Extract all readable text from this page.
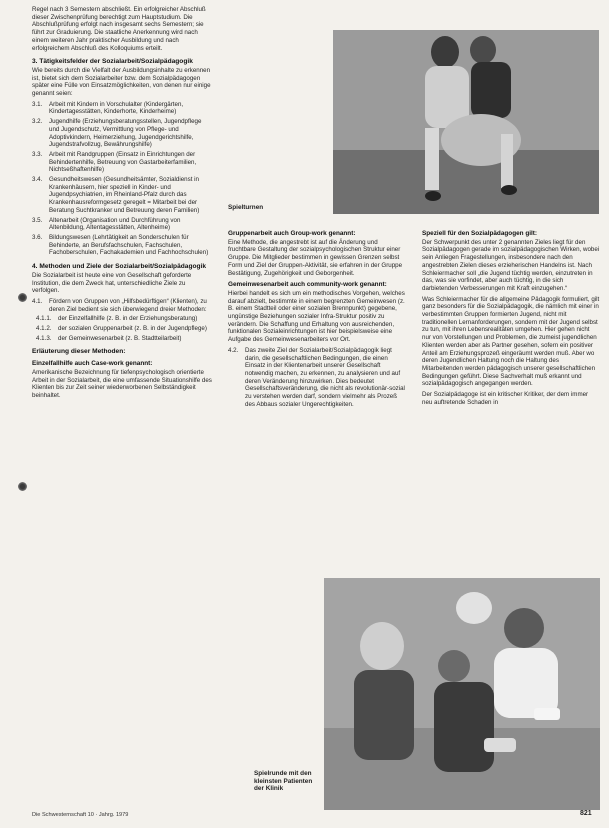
Regel nach 3 Semestern abschließt. Ein erfolgreicher Abschluß dieser Zwischenprüfung berechtigt zum Hauptstudium. Die Abschlußprüfung erfolgt nach insgesamt sechs Semestern; sie führt zur Graduierung. Die staatliche Anerkennung wird nach einem weiteren Jahr praktischer Ausbildung und nach erfolgreichem Abschluß des Kolloquiums erteilt.

3. Tätigkeitsfelder der Sozialarbeit/Sozialpädagogik

Wie bereits durch die Vielfalt der Ausbildungsinhalte zu erkennen ist, bietet sich dem Sozialarbeiter bzw. dem Sozialpädagogen später eine Fülle von Einsatzmöglichkeiten, von denen nur einige genannt seien:

3.1.	Arbeit mit Kindern in Vorschulalter (Kindergärten, Kindertagesstätten, Kinderhorte, Kinderheime)
3.2.	Jugendhilfe (Erziehungsberatungsstellen, Jugendpflege und Jugendschutz, Vermittlung von Pflege- und Adoptivkindern, Heimerziehung, Jugendgerichtshilfe, Jugendstrafvollzug, Bewährungshilfe)
3.3.	Arbeit mit Randgruppen (Einsatz in Einrichtungen der Behindertenhilfe, Betreuung von Gastarbeiterfamilien, Nichtseßhaftenhilfe)
3.4.	Gesundheitswesen (Gesundheitsämter, Sozialdienst in Krankenhäusern, hier speziell in Kinder- und Jugendpsychiatrien, im Rheinland-Pfalz durch das Krankenhausreformgesetz geregelt = Mitarbeit bei der Beratung Suchtkranker und Betreuung deren Familien)
3.5.	Altenarbeit (Organisation und Durchführung von Altenbildung, Altentagesstätten, Altenheime)
3.6.	Bildungswesen (Lehrtätigkeit an Sonderschulen für Behinderte, an Berufsfachschulen, Fachschulen, Fachoberschulen, Fachakademien und Fachhochschulen)
4. Methoden und Ziele der Sozialarbeit/Sozialpädagogik

Die Sozialarbeit ist heute eine von Gesellschaft geforderte Institution, die dem Zweck hat, unterschiedliche Ziele zu verfolgen.

4.1.	Fördern von Gruppen von „Hilfsbedürftigen“ (Klienten), zu deren Ziel bedient sie sich überwiegend dreier Methoden:
4.1.1.	der Einzelfallhilfe (z. B. in der Erziehungsberatung)
4.1.2.	der sozialen Gruppenarbeit (z. B. in der Jugendpflege)
4.1.3.	der Gemeinwesenarbeit (z. B. Stadtteilarbeit)
Erläuterung dieser Methoden:
Einzelfallhilfe auch Case-work genannt:

Amerikanische Bezeichnung für tiefenpsychologisch orientierte Arbeit in der Sozialarbeit, die eine umfassende Situationshilfe des Klienten bis zur Zeit seiner wiederworbenen Selbständigkeit beinhaltet.

Spielturnen
Gruppenarbeit auch Group-work genannt:

Eine Methode, die angestrebt ist auf die Änderung und fruchtbare Gestaltung der sozialpsychologischen Struktur einer Gruppe. Die Mitglieder bestimmen in gewissen Grenzen selbst Form und Ziel der Gruppen-Aktivität, sie erfahren in der Gruppe Bestätigung, Zugehörigkeit und Geborgenheit.

Gemeinwesenarbeit auch community-work genannt:

Hierbei handelt es sich um ein methodisches Vorgehen, welches darauf abzielt, bestimmte in einem begrenzten Gemeinwesen (z. B. einem Stadtteil oder einer sozialen Brennpunkt) gegebene, ungünstige Beziehungen sozialer Infra-Struktur positiv zu verändern. Die Schaffung und Erhaltung von ausreichenden, funktionalen Sozialeinrichtungen ist hier beispielsweise eine Aufgabe des Gemeinwesenarbeiters vor Ort.

4.2.	Das zweite Ziel der Sozialarbeit/Sozialpädagogik liegt darin, die gesellschaftlichen Bedingungen, die einen Einsatz in der Klientenarbeit unserer Gesellschaft notwendig machen, zu erkennen, zu analysieren und auf deren Veränderung hinzuwirken. Dies bedeutet Gesellschaftsveränderung, die nicht als revolutionär-sozial zu verstehen werden darf, sondern vielmehr als Prozeß des Abbaus sozialer Ungerechtigkeiten.
Speziell für den Sozialpädagogen gilt:

Der Schwerpunkt des unter 2 genannten Zieles liegt für den Sozialpädagogen gerade im sozialpädagogischen Wirken, wobei sein Anliegen Fragestellungen, insbesondere nach den angestrebten Zielen dieses erzieherischen Handelns ist. Nach Schleiermacher soll „die Jugend tüchtig werden, einzutreten in das, was sie vorfindet, aber auch tüchtig, in die sich darbietenden Verbesserungen mit Kraft einzugehen.“

Was Schleiermacher für die allgemeine Pädagogik formuliert, gilt ganz besonders für die Sozialpädagogik, die nämlich mit einer in verbestimmten Gruppen formierten Jugend, nicht mit traditionellen Lernanforderungen, sondern mit der Jugend selbst zu tun, mit ihren Lebensrealitäten umgehen. Hier gehen nicht nur von Vorstellungen und Problemen, die zumeist jugendlichen Klienten werden aber als Partner gesehen, sofern ein positiver Anteil am Erziehungsprozeß eingeräumt werden muß. Aber wo deren Jugendlichen Haltung noch die Haltung des Mitarbeitenden werden pädagogisch unserer gesellschaftlichen Bedingungen geführt. Diese Sachverhalt muß erkannt und sozialpädagogisch angegangen werden.

Der Sozialpädagoge ist ein kritischer Kritiker, der dem immer neu auftretende Schaden in

Spielrunde mit den kleinsten Patienten der Klinik
Die Schwesternschaft 10 · Jahrg. 1979	821
